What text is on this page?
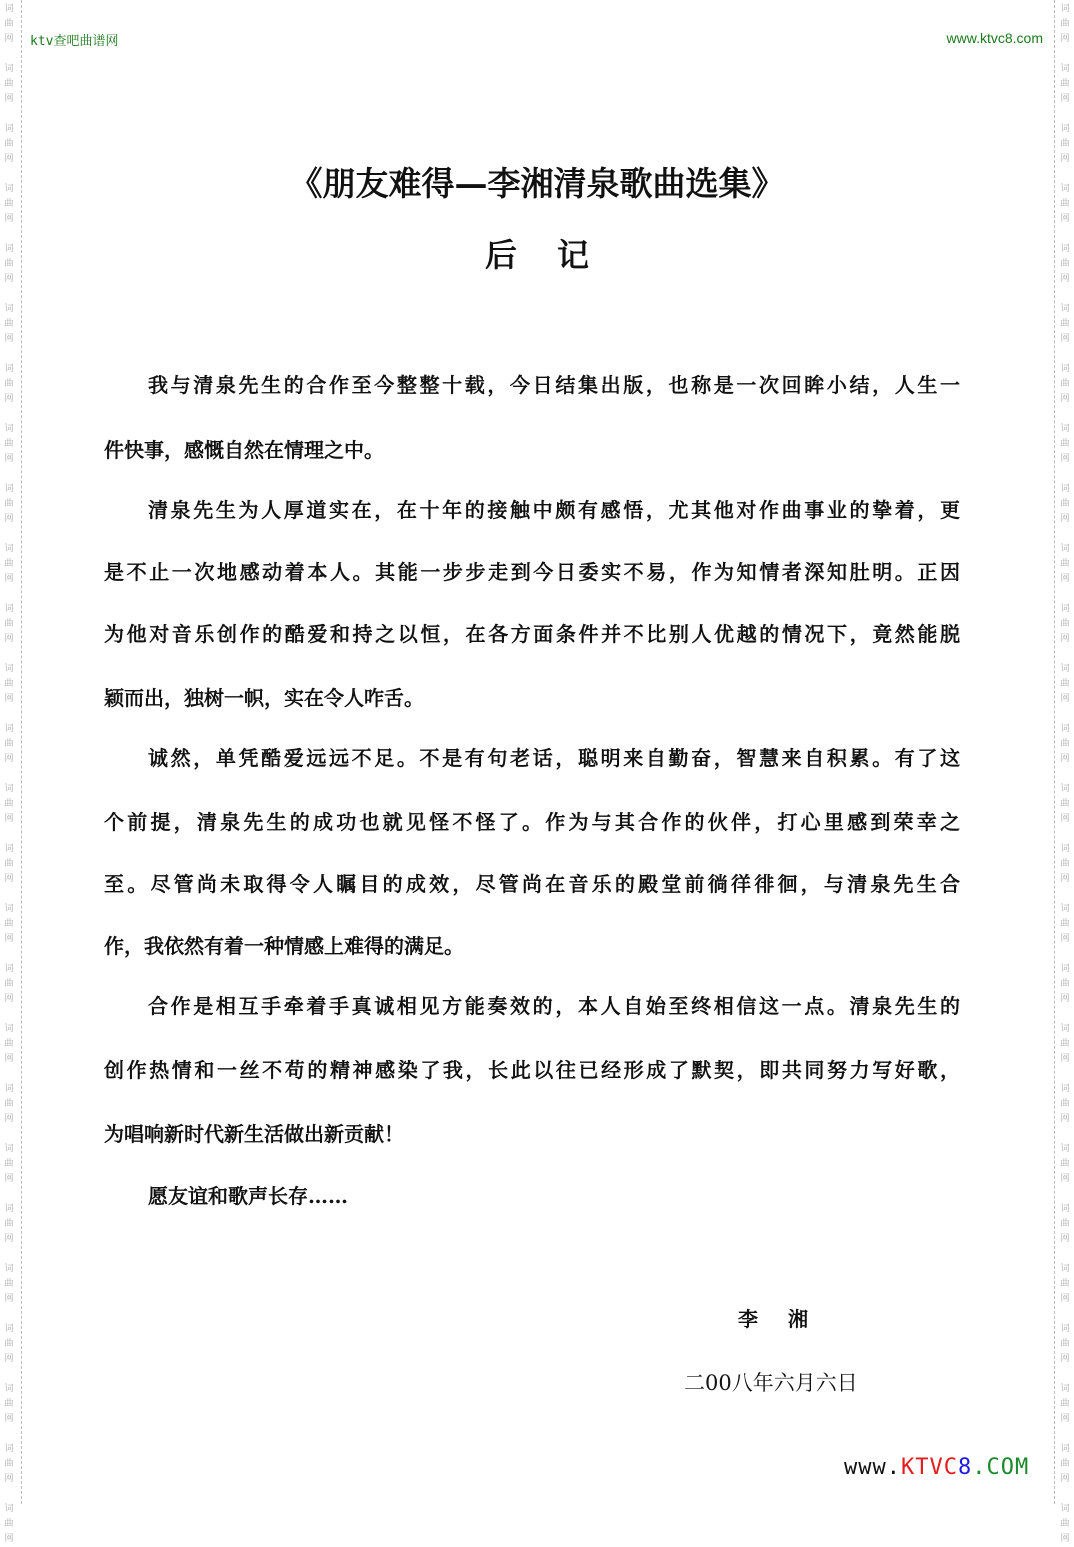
词
曲
网
词
曲
网
词
曲
网
词
曲
网
词
曲
网
词
曲
网
词
曲
网
词
曲
网
词
曲
网
词
曲
网
词
曲
网
词
曲
网
词
曲
网
词
曲
网
词
曲
网
词
曲
网
词
曲
网
词
曲
网
词
曲
网
词
曲
网
词
曲
网
词
曲
网
词
曲
网
词
曲
网
词
曲
网
词
曲
网
词
曲
网
词
曲
网
词
曲
网
词
曲
网
词
曲
网
词
曲
网
词
曲
网
词
曲
网
词
曲
网
词
曲
网
词
曲
网
词
曲
网
词
曲
网
词
曲
网
词
曲
网
词
曲
网
词
曲
网
词
曲
网
词
曲
网
词
曲
网
词
曲
网
词
曲
网
词
曲
网
词
曲
网
词
曲
网
词
曲
网
ktv查吧曲谱网	www.ktvc8.com
《朋友难得—李湘清泉歌曲选集》
后记
我与清泉先生的合作至今整整十载，今日结集出版，也称是一次回眸小结，人生一
件快事，感慨自然在情理之中。
清泉先生为人厚道实在，在十年的接触中颇有感悟，尤其他对作曲事业的挚着，更
是不止一次地感动着本人。其能一步步走到今日委实不易，作为知情者深知肚明。正因
为他对音乐创作的酷爱和持之以恒，在各方面条件并不比别人优越的情况下，竟然能脱
颖而出，独树一帜，实在令人咋舌。
诚然，单凭酷爱远远不足。不是有句老话，聪明来自勤奋，智慧来自积累。有了这
个前提，清泉先生的成功也就见怪不怪了。作为与其合作的伙伴，打心里感到荣幸之
至。尽管尚未取得令人瞩目的成效，尽管尚在音乐的殿堂前徜徉徘徊，与清泉先生合
作，我依然有着一种情感上难得的满足。
合作是相互手牵着手真诚相见方能奏效的，本人自始至终相信这一点。清泉先生的
创作热情和一丝不苟的精神感染了我，长此以往已经形成了默契，即共同努力写好歌，
为唱响新时代新生活做出新贡献！
愿友谊和歌声长存……
李湘
二00八年六月六日
www.KTVC8.COM
